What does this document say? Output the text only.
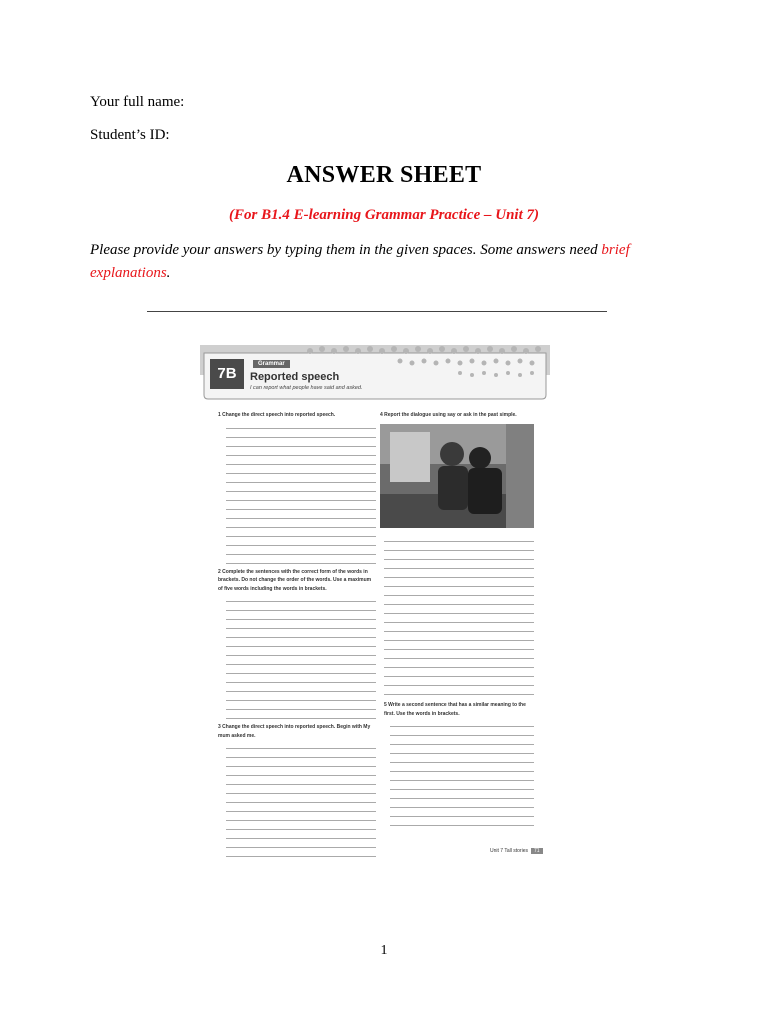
Your full name:
Student’s ID:
ANSWER SHEET
(For B1.4 E-learning Grammar Practice – Unit 7)
Please provide your answers by typing them in the given spaces. Some answers need brief explanations.
7B
Grammar
Reported speech
I can report what people have said and asked.
1 Change the direct speech into reported speech.
2 Complete the sentences with the correct form of the words in brackets. Do not change the order of the words. Use a maximum of five words including the words in brackets.
3 Change the direct speech into reported speech. Begin with My mum asked me.
4 Report the dialogue using say or ask in the past simple.
5 Write a second sentence that has a similar meaning to the first. Use the words in brackets.
Unit 7 Tall stories 71
1
